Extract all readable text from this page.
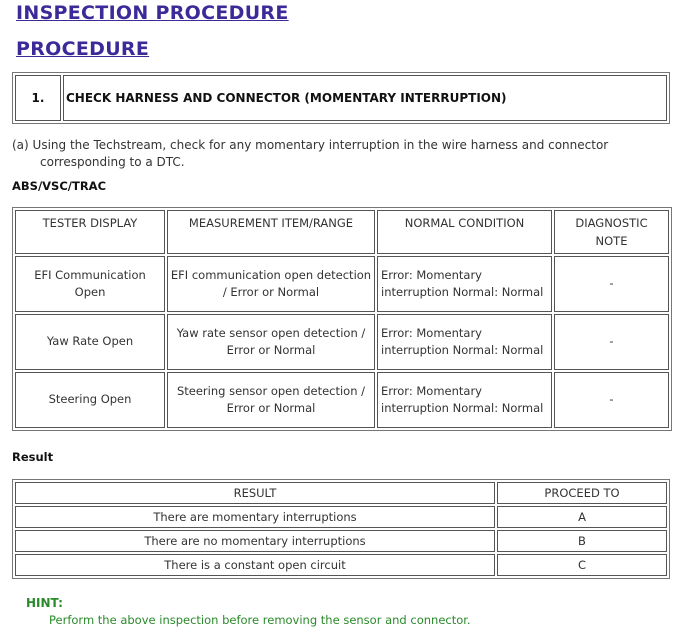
INSPECTION PROCEDURE
PROCEDURE
1.	CHECK HARNESS AND CONNECTOR (MOMENTARY INTERRUPTION)
(a) Using the Techstream, check for any momentary interruption in the wire harness and connector
corresponding to a DTC.
ABS/VSC/TRAC
TESTER DISPLAY	MEASUREMENT ITEM/RANGE	NORMAL CONDITION	DIAGNOSTIC NOTE
EFI Communication Open	EFI communication open detection / Error or Normal	Error: Momentary interruption Normal: Normal	-
Yaw Rate Open	Yaw rate sensor open detection / Error or Normal	Error: Momentary interruption Normal: Normal	-
Steering Open	Steering sensor open detection / Error or Normal	Error: Momentary interruption Normal: Normal	-
Result
RESULT	PROCEED TO
There are momentary interruptions	A
There are no momentary interruptions	B
There is a constant open circuit	C
HINT:
Perform the above inspection before removing the sensor and connector.
